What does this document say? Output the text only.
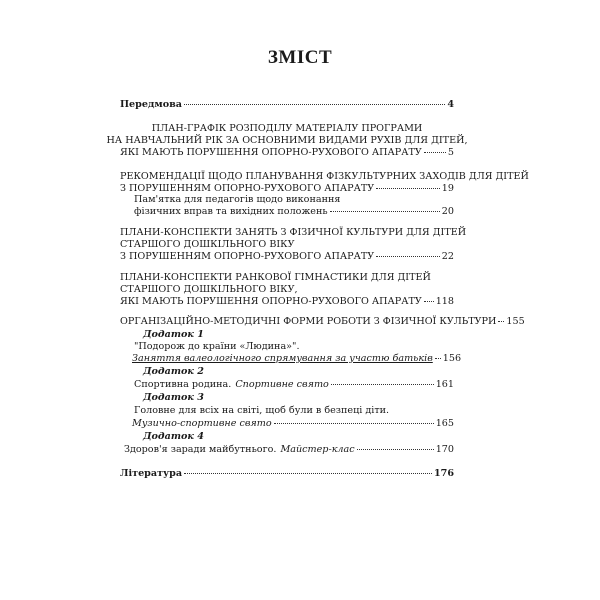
ЗМІСТ
Передмова	4
ПЛАН-ГРАФІК РОЗПОДІЛУ МАТЕРІАЛУ ПРОГРАМИ
НА НАВЧАЛЬНИЙ РІК ЗА ОСНОВНИМИ ВИДАМИ РУХІВ ДЛЯ ДІТЕЙ,
ЯКІ МАЮТЬ ПОРУШЕННЯ ОПОРНО-РУХОВОГО АПАРАТУ	5
РЕКОМЕНДАЦІЇ ЩОДО ПЛАНУВАННЯ ФІЗКУЛЬТУРНИХ ЗАХОДІВ ДЛЯ ДІТЕЙ
З ПОРУШЕННЯМ ОПОРНО-РУХОВОГО АПАРАТУ	19
Пам'ятка для педагогів щодо виконання
фізичних вправ та вихідних положень	20
ПЛАНИ-КОНСПЕКТИ ЗАНЯТЬ З ФІЗИЧНОЇ КУЛЬТУРИ ДЛЯ ДІТЕЙ
СТАРШОГО ДОШКІЛЬНОГО ВІКУ
З ПОРУШЕННЯМ ОПОРНО-РУХОВОГО АПАРАТУ	22
ПЛАНИ-КОНСПЕКТИ РАНКОВОЇ ГІМНАСТИКИ ДЛЯ ДІТЕЙ
СТАРШОГО ДОШКІЛЬНОГО ВІКУ,
ЯКІ МАЮТЬ ПОРУШЕННЯ ОПОРНО-РУХОВОГО АПАРАТУ 118
ОРГАНІЗАЦІЙНО-МЕТОДИЧНІ ФОРМИ РОБОТИ З ФІЗИЧНОЇ КУЛЬТУРИ 155
Додаток 1
"Подорож до країни «Людина»".
Заняття валеологічного спрямування за участю батьків 156
Додаток 2
Спортивна родина. Спортивне свято	161
Додаток 3
Головне для всіх на світі, щоб були в безпеці діти.
Музично-спортивне свято	165
Додаток 4
Здоров'я заради майбутнього. Майстер-клас	170
Література	176
